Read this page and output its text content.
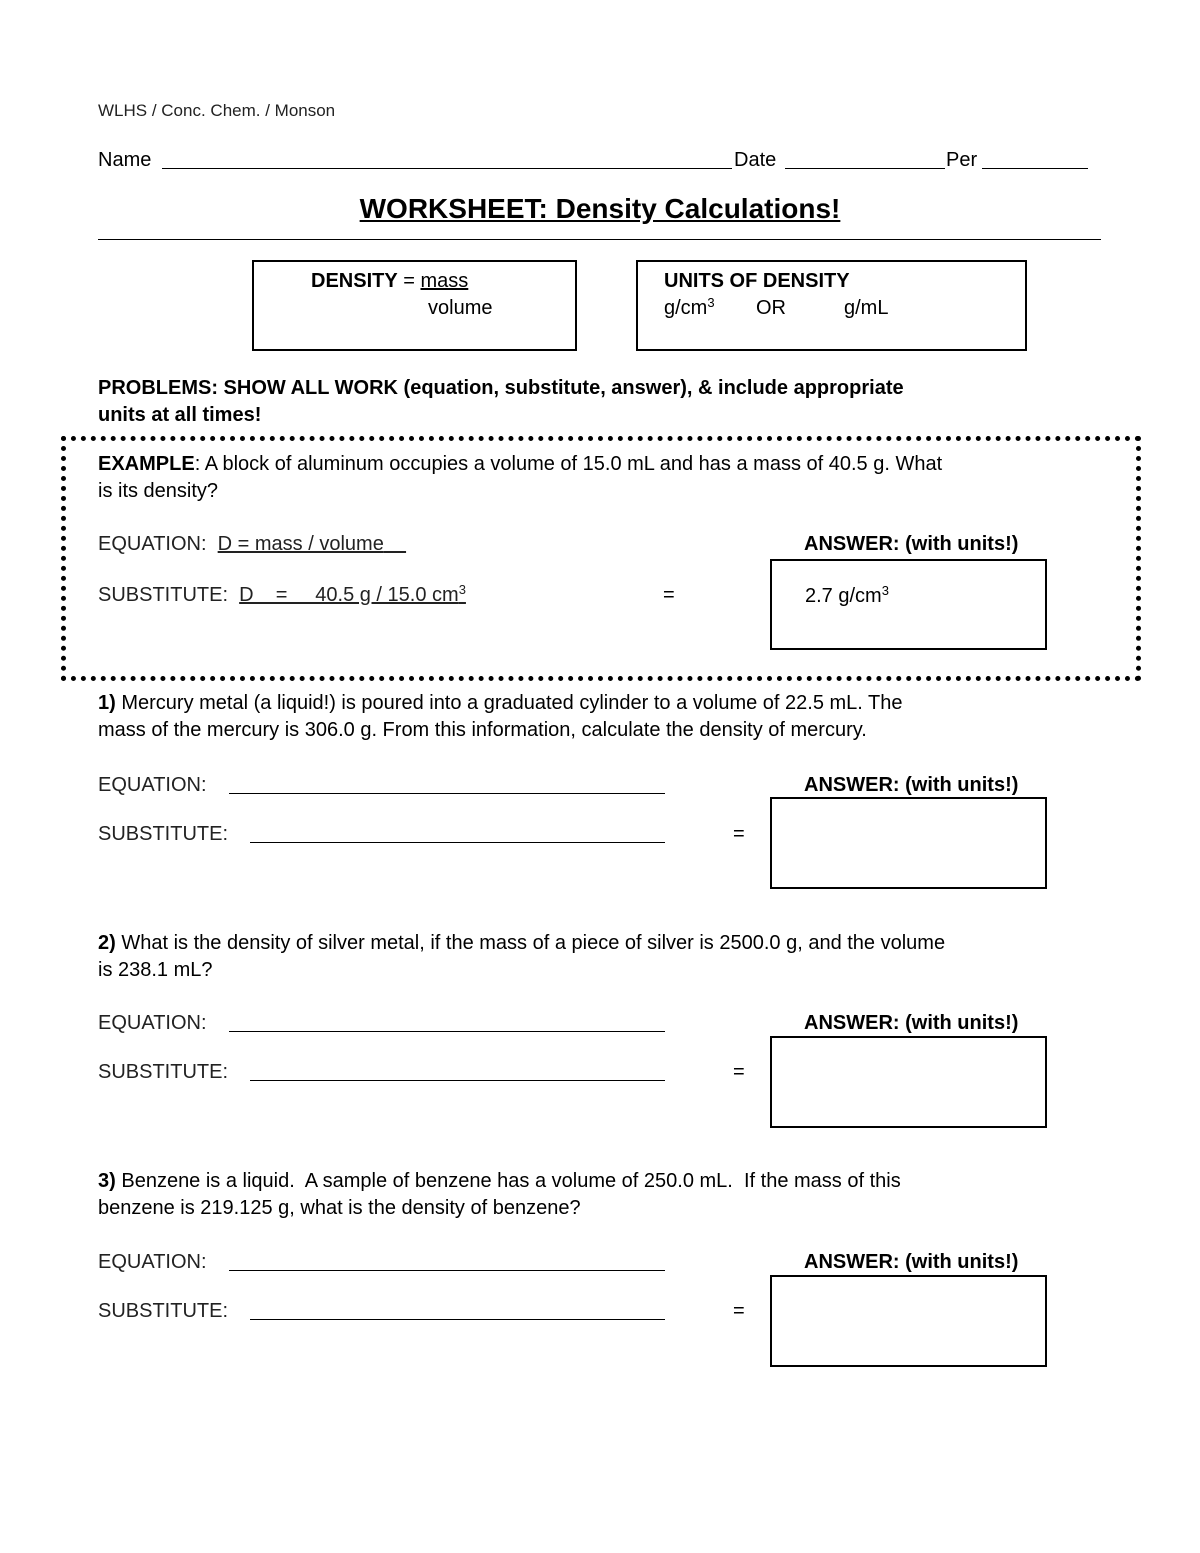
WLHS / Conc. Chem. / Monson
Name	Date	Per
WORKSHEET: Density Calculations!
DENSITY = mass
volume
UNITS OF DENSITY
$g/cm^3$ OR	g/mL
PROBLEMS: SHOW ALL WORK (equation, substitute, answer), & include appropriate
units at all times!
EXAMPLE: A block of aluminum occupies a volume of 15.0 mL and has a mass of 40.5 g. What
is its density?
EQUATION: D = mass / volume	ANSWER: (with units!)
SUBSTITUTE: D    =     40.5 g / 15.0 $cm^3$	=	2.7 $g/cm^3$
1) Mercury metal (a liquid!) is poured into a graduated cylinder to a volume of 22.5 mL. The
mass of the mercury is 306.0 g. From this information, calculate the density of mercury.
EQUATION:	ANSWER: (with units!)
SUBSTITUTE:	=
2) What is the density of silver metal, if the mass of a piece of silver is 2500.0 g, and the volume
is 238.1 mL?
EQUATION:	ANSWER: (with units!)
SUBSTITUTE:	=
3) Benzene is a liquid.  A sample of benzene has a volume of 250.0 mL.  If the mass of this
benzene is 219.125 g, what is the density of benzene?
EQUATION:	ANSWER: (with units!)
SUBSTITUTE:	=
